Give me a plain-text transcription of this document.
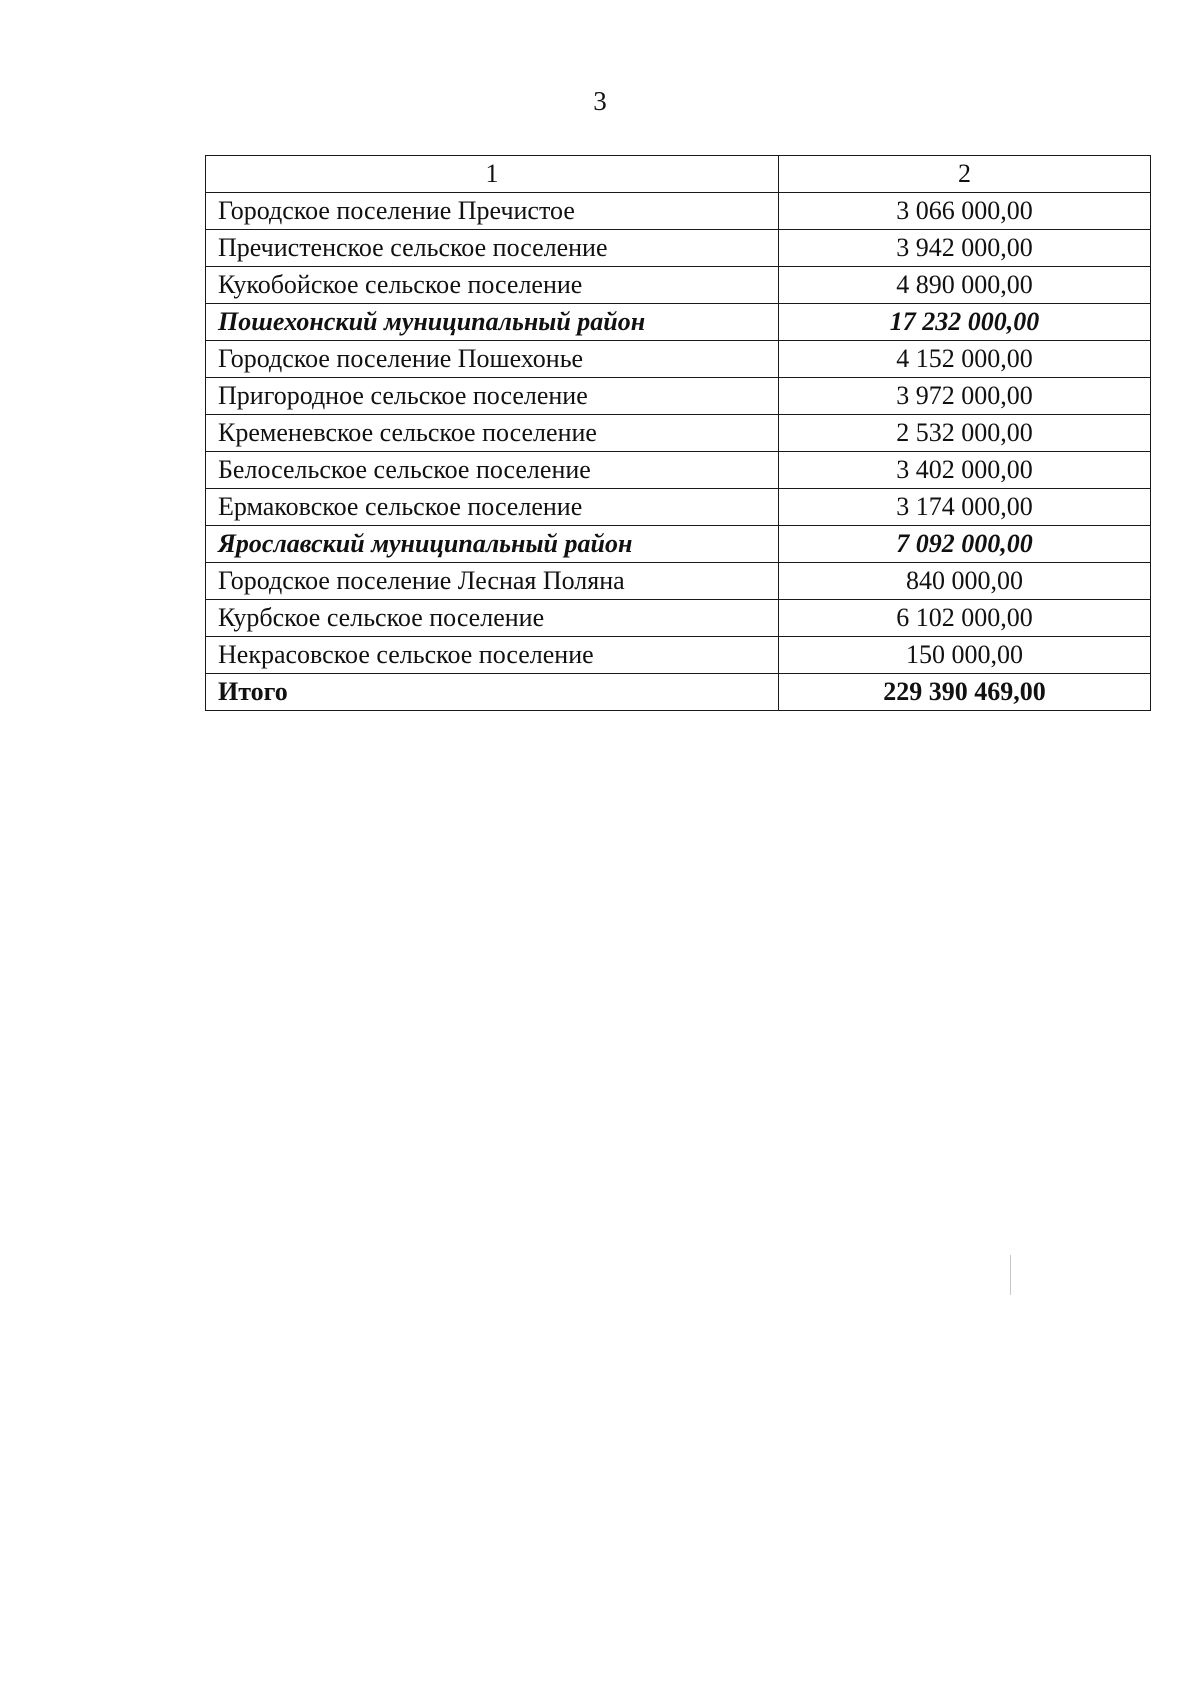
3
1	2
Городское поселение Пречистое	3 066 000,00
Пречистенское сельское поселение	3 942 000,00
Кукобойское сельское поселение	4 890 000,00
Пошехонский муниципальный район	17 232 000,00
Городское поселение Пошехонье	4 152 000,00
Пригородное сельское поселение	3 972 000,00
Кременевское сельское поселение	2 532 000,00
Белосельское сельское поселение	3 402 000,00
Ермаковское сельское поселение	3 174 000,00
Ярославский муниципальный район	7 092 000,00
Городское поселение Лесная Поляна	840 000,00
Курбское сельское поселение	6 102 000,00
Некрасовское сельское поселение	150 000,00
Итого	229 390 469,00
